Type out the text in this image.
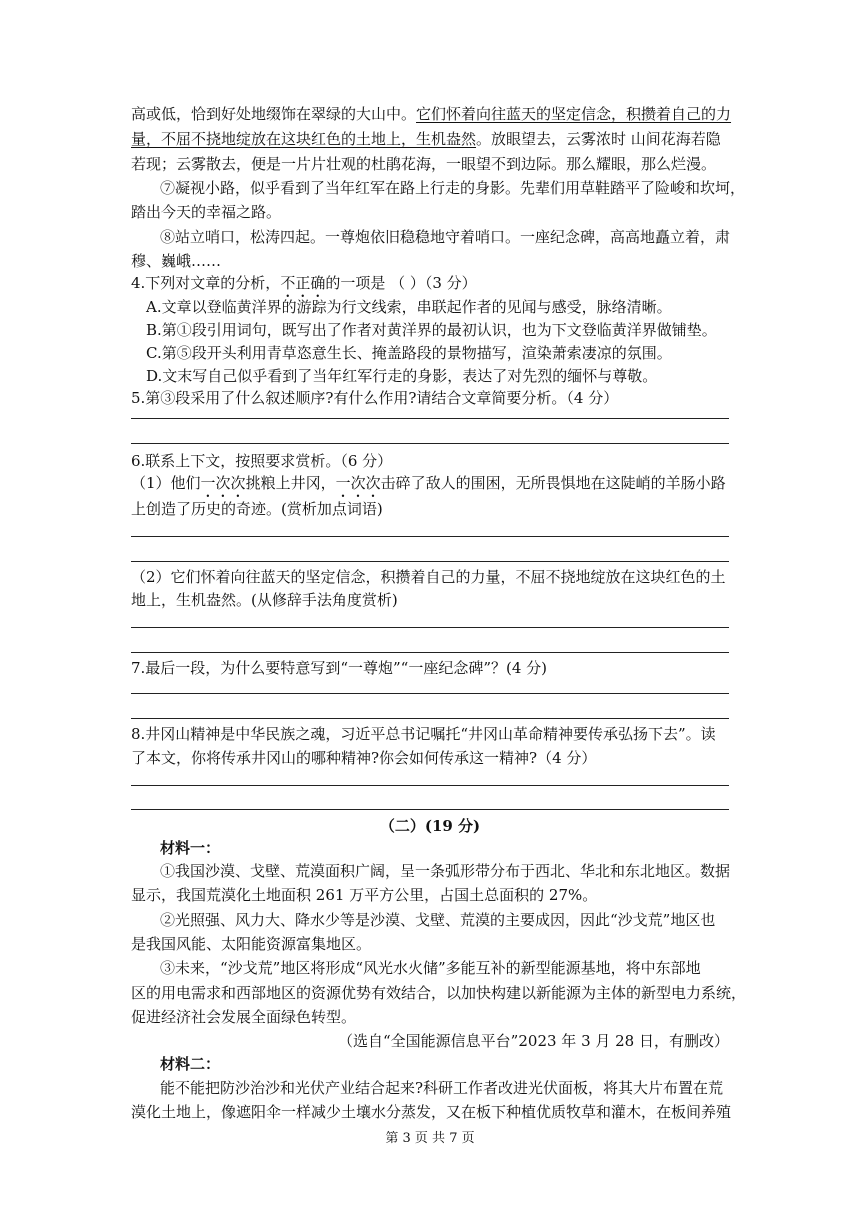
高或低，恰到好处地缀饰在翠绿的大山中。它们怀着向往蓝天的坚定信念，积攒着自己的力
量，不屈不挠地绽放在这块红色的土地上，生机盎然。放眼望去，云雾浓时 山间花海若隐
若现；云雾散去，便是一片片壮观的杜鹃花海，一眼望不到边际。那么耀眼，那么烂漫。
⑦凝视小路，似乎看到了当年红军在路上行走的身影。先辈们用草鞋踏平了险峻和坎坷，
踏出今天的幸福之路。
⑧站立哨口，松涛四起。一尊炮依旧稳稳地守着哨口。一座纪念碑，高高地矗立着，肃
穆、巍峨……
4.下列对文章的分析，不正确的一项是 （ ）（3 分）
A.文章以登临黄洋界的游踪为行文线索，串联起作者的见闻与感受，脉络清晰。
B.第①段引用词句，既写出了作者对黄洋界的最初认识，也为下文登临黄洋界做铺垫。
C.第⑤段开头利用青草恣意生长、掩盖路段的景物描写，渲染萧索凄凉的氛围。
D.文末写自己似乎看到了当年红军行走的身影，表达了对先烈的缅怀与尊敬。
5.第③段采用了什么叙述顺序?有什么作用?请结合文章简要分析。（4 分）
6.联系上下文，按照要求赏析。（6 分）
（1）他们一次次挑粮上井冈，一次次击碎了敌人的围困，无所畏惧地在这陡峭的羊肠小路
上创造了历史的奇迹。(赏析加点词语)
（2）它们怀着向往蓝天的坚定信念，积攒着自己的力量，不屈不挠地绽放在这块红色的土
地上，生机盎然。(从修辞手法角度赏析)
7.最后一段，为什么要特意写到“一尊炮”“一座纪念碑”？(4 分)
8.井冈山精神是中华民族之魂，习近平总书记嘱托“井冈山革命精神要传承弘扬下去”。读
了本文，你将传承井冈山的哪种精神?你会如何传承这一精神?（4 分）
（二）(19 分)
材料一：
①我国沙漠、戈壁、荒漠面积广阔，呈一条弧形带分布于西北、华北和东北地区。数据
显示，我国荒漠化土地面积 261 万平方公里，占国土总面积的 27%。
②光照强、风力大、降水少等是沙漠、戈壁、荒漠的主要成因，因此“沙戈荒”地区也
是我国风能、太阳能资源富集地区。
③未来，“沙戈荒”地区将形成“风光水火储”多能互补的新型能源基地，将中东部地
区的用电需求和西部地区的资源优势有效结合，以加快构建以新能源为主体的新型电力系统，
促进经济社会发展全面绿色转型。
（选自“全国能源信息平台”2023 年 3 月 28 日，有删改）
材料二：
能不能把防沙治沙和光伏产业结合起来?科研工作者改进光伏面板，将其大片布置在荒
漠化土地上，像遮阳伞一样减少土壤水分蒸发，又在板下种植优质牧草和灌木，在板间养殖
第 3 页 共 7 页
